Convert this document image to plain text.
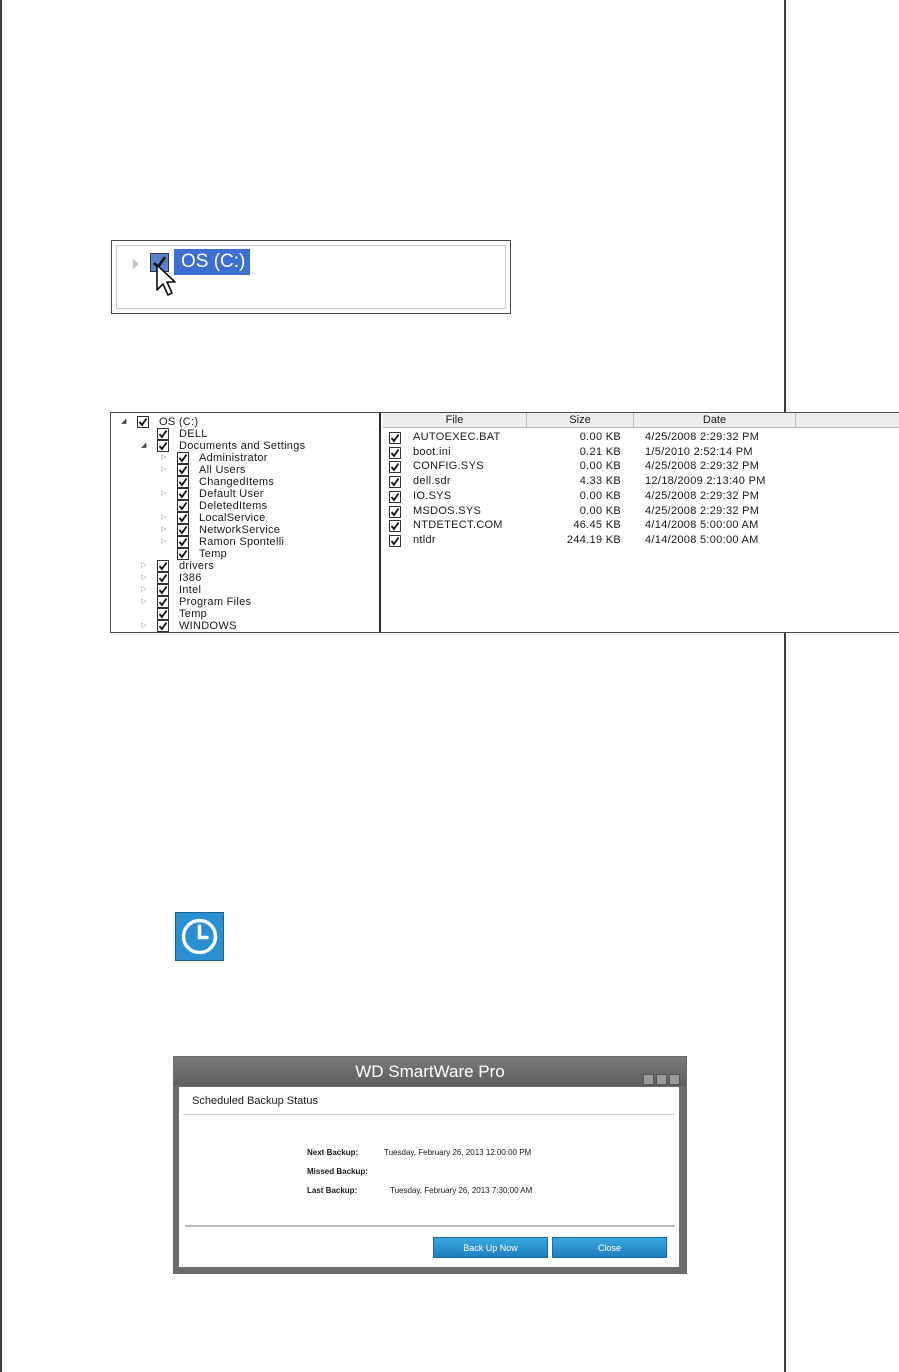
OS (C:)
◢	OS (C:)
DELL
◢	Documents and Settings
▷	Administrator
▷	All Users
ChangedItems
▷	Default User
DeletedItems
▷	LocalService
▷	NetworkService
▷	Ramon Spontelli
Temp
▷	drivers
▷	I386
▷	Intel
▷	Program Files
Temp
▷	WINDOWS
File	Size	Date
AUTOEXEC.BAT	0.00 KB 4/25/2008 2:29:32 PM
boot.ini	0.21 KB 1/5/2010 2:52:14 PM
CONFIG.SYS	0.00 KB 4/25/2008 2:29:32 PM
dell.sdr	4.33 KB 12/18/2009 2:13:40 PM
IO.SYS	0.00 KB 4/25/2008 2:29:32 PM
MSDOS.SYS	0.00 KB 4/25/2008 2:29:32 PM
NTDETECT.COM	46.45 KB 4/14/2008 5:00:00 AM
ntldr	244.19 KB 4/14/2008 5:00:00 AM
WD SmartWare Pro
Scheduled Backup Status
Next Backup:	Tuesday, February 26, 2013 12:00:00 PM
Missed Backup:
Last Backup:	Tuesday, February 26, 2013 7:30:00 AM
Back Up Now	Close
